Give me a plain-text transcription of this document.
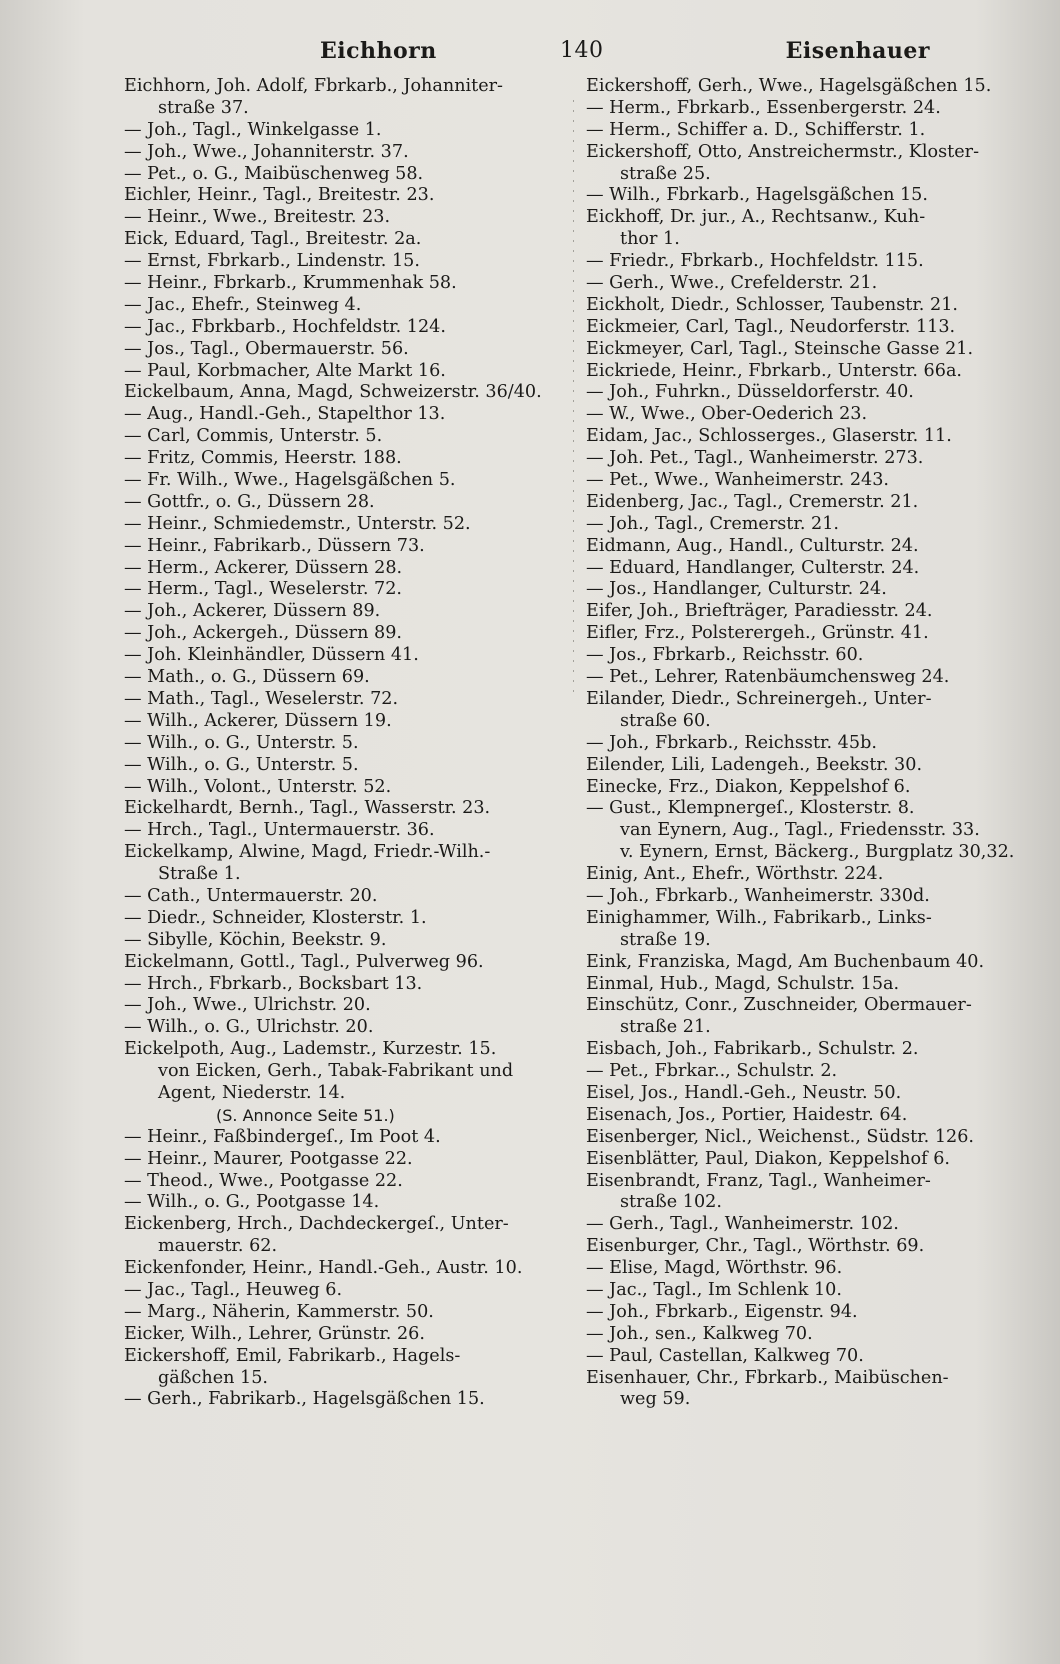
Eichhorn	140	Eisenhauer
Eichhorn, Joh. Adolf, Fbrkarb., Johanniter-
straße 37.
— Joh., Tagl., Winkelgasse 1.
— Joh., Wwe., Johanniterstr. 37.
— Pet., o. G., Maibüschenweg 58.
Eichler, Heinr., Tagl., Breitestr. 23.
— Heinr., Wwe., Breitestr. 23.
Eick, Eduard, Tagl., Breitestr. 2a.
— Ernst, Fbrkarb., Lindenstr. 15.
— Heinr., Fbrkarb., Krummenhak 58.
— Jac., Ehefr., Steinweg 4.
— Jac., Fbrkbarb., Hochfeldstr. 124.
— Jos., Tagl., Obermauerstr. 56.
— Paul, Korbmacher, Alte Markt 16.
Eickelbaum, Anna, Magd, Schweizerstr. 36/40.
— Aug., Handl.-Geh., Stapelthor 13.
— Carl, Commis, Unterstr. 5.
— Fritz, Commis, Heerstr. 188.
— Fr. Wilh., Wwe., Hagelsgäßchen 5.
— Gottfr., o. G., Düssern 28.
— Heinr., Schmiedemstr., Unterstr. 52.
— Heinr., Fabrikarb., Düssern 73.
— Herm., Ackerer, Düssern 28.
— Herm., Tagl., Weselerstr. 72.
— Joh., Ackerer, Düssern 89.
— Joh., Ackergeh., Düssern 89.
— Joh. Kleinhändler, Düssern 41.
— Math., o. G., Düssern 69.
— Math., Tagl., Weselerstr. 72.
— Wilh., Ackerer, Düssern 19.
— Wilh., o. G., Unterstr. 5.
— Wilh., o. G., Unterstr. 5.
— Wilh., Volont., Unterstr. 52.
Eickelhardt, Bernh., Tagl., Wasserstr. 23.
— Hrch., Tagl., Untermauerstr. 36.
Eickelkamp, Alwine, Magd, Friedr.-Wilh.-
Straße 1.
— Cath., Untermauerstr. 20.
— Diedr., Schneider, Klosterstr. 1.
— Sibylle, Köchin, Beekstr. 9.
Eickelmann, Gottl., Tagl., Pulverweg 96.
— Hrch., Fbrkarb., Bocksbart 13.
— Joh., Wwe., Ulrichstr. 20.
— Wilh., o. G., Ulrichstr. 20.
Eickelpoth, Aug., Lademstr., Kurzestr. 15.
von Eicken, Gerh., Tabak-Fabrikant und
Agent, Niederstr. 14.
(S. Annonce Seite 51.)
— Heinr., Faßbindergeſ., Im Poot 4.
— Heinr., Maurer, Pootgasse 22.
— Theod., Wwe., Pootgasse 22.
— Wilh., o. G., Pootgasse 14.
Eickenberg, Hrch., Dachdeckergeſ., Unter-
mauerstr. 62.
Eickenfonder, Heinr., Handl.-Geh., Austr. 10.
— Jac., Tagl., Heuweg 6.
— Marg., Näherin, Kammerstr. 50.
Eicker, Wilh., Lehrer, Grünstr. 26.
Eickershoff, Emil, Fabrikarb., Hagels-
gäßchen 15.
— Gerh., Fabrikarb., Hagelsgäßchen 15.
Eickershoff, Gerh., Wwe., Hagelsgäßchen 15.
— Herm., Fbrkarb., Essenbergerstr. 24.
— Herm., Schiffer a. D., Schifferstr. 1.
Eickershoff, Otto, Anstreichermstr., Kloster-
straße 25.
— Wilh., Fbrkarb., Hagelsgäßchen 15.
Eickhoff, Dr. jur., A., Rechtsanw., Kuh-
thor 1.
— Friedr., Fbrkarb., Hochfeldstr. 115.
— Gerh., Wwe., Crefelderstr. 21.
Eickholt, Diedr., Schlosser, Taubenstr. 21.
Eickmeier, Carl, Tagl., Neudorferstr. 113.
Eickmeyer, Carl, Tagl., Steinsche Gasse 21.
Eickriede, Heinr., Fbrkarb., Unterstr. 66a.
— Joh., Fuhrkn., Düsseldorferstr. 40.
— W., Wwe., Ober-Oederich 23.
Eidam, Jac., Schlosserges., Glaserstr. 11.
— Joh. Pet., Tagl., Wanheimerstr. 273.
— Pet., Wwe., Wanheimerstr. 243.
Eidenberg, Jac., Tagl., Cremerstr. 21.
— Joh., Tagl., Cremerstr. 21.
Eidmann, Aug., Handl., Culturstr. 24.
— Eduard, Handlanger, Culterstr. 24.
— Jos., Handlanger, Culturstr. 24.
Eifer, Joh., Briefträger, Paradiesstr. 24.
Eifler, Frz., Polsterergeh., Grünstr. 41.
— Jos., Fbrkarb., Reichsstr. 60.
— Pet., Lehrer, Ratenbäumchensweg 24.
Eilander, Diedr., Schreinergeh., Unter-
straße 60.
— Joh., Fbrkarb., Reichsstr. 45b.
Eilender, Lili, Ladengeh., Beekstr. 30.
Einecke, Frz., Diakon, Keppelshof 6.
— Gust., Klempnergeſ., Klosterstr. 8.
van Eynern, Aug., Tagl., Friedensstr. 33.
v. Eynern, Ernst, Bäckerg., Burgplatz 30,32.
Einig, Ant., Ehefr., Wörthstr. 224.
— Joh., Fbrkarb., Wanheimerstr. 330d.
Einighammer, Wilh., Fabrikarb., Links-
straße 19.
Eink, Franziska, Magd, Am Buchenbaum 40.
Einmal, Hub., Magd, Schulstr. 15a.
Einschütz, Conr., Zuschneider, Obermauer-
straße 21.
Eisbach, Joh., Fabrikarb., Schulstr. 2.
— Pet., Fbrkar.., Schulstr. 2.
Eisel, Jos., Handl.-Geh., Neustr. 50.
Eisenach, Jos., Portier, Haidestr. 64.
Eisenberger, Nicl., Weichenst., Südstr. 126.
Eisenblätter, Paul, Diakon, Keppelshof 6.
Eisenbrandt, Franz, Tagl., Wanheimer-
straße 102.
— Gerh., Tagl., Wanheimerstr. 102.
Eisenburger, Chr., Tagl., Wörthstr. 69.
— Elise, Magd, Wörthstr. 96.
— Jac., Tagl., Im Schlenk 10.
— Joh., Fbrkarb., Eigenstr. 94.
— Joh., sen., Kalkweg 70.
— Paul, Castellan, Kalkweg 70.
Eisenhauer, Chr., Fbrkarb., Maibüschen-
weg 59.
